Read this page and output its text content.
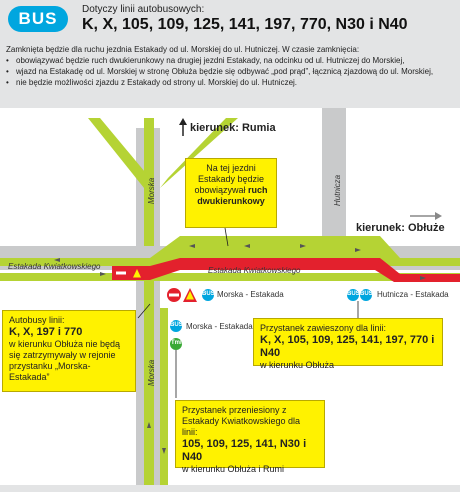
BUS	Dotyczy linii autobusowych:
K, X, 105, 109, 125, 141, 197, 770, N30 i N40
Zamknięta będzie dla ruchu jezdnia Estakady od ul. Morskiej do ul. Hutniczej. W czasie zamknięcia:
• obowiązywać będzie ruch dwukierunkowy na drugiej jezdni Estakady, na odcinku od ul. Hutniczej do Morskiej,
• wjazd na Estakadę od ul. Morskiej w stronę Obłuża będzie się odbywać „pod prąd”, łącznicą zjazdową do ul. Morskiej,
• nie będzie możliwości zjazdu z Estakady od strony ul. Morskiej do ul. Hutniczej.
BUS	BUS BUS
BUS
Tml
kierunek: Rumia
kierunek: Obłuże
Estakada Kwiatkowskiego	Estakada Kwiatkowskiego
Morska
Morska
Hutnicza
Morska - Estakada	Hutnicza - Estakada
Morska - Estakada
Na tej jezdni Estakady będzie obowiązywał ruch dwukierunkowy
Autobusy linii:
K, X, 197 i 770
w kierunku Obłuża nie będą się zatrzymywały w rejonie przystanku „Morska-Estakada”
Przystanek zawieszony dla linii:
K, X, 105, 109, 125, 141, 197, 770 i N40
w kierunku Obłuża
Przystanek przeniesiony z Estakady Kwiatkowskiego dla linii:
105, 109, 125, 141, N30 i N40
w kierunku Obłuża i Rumi
